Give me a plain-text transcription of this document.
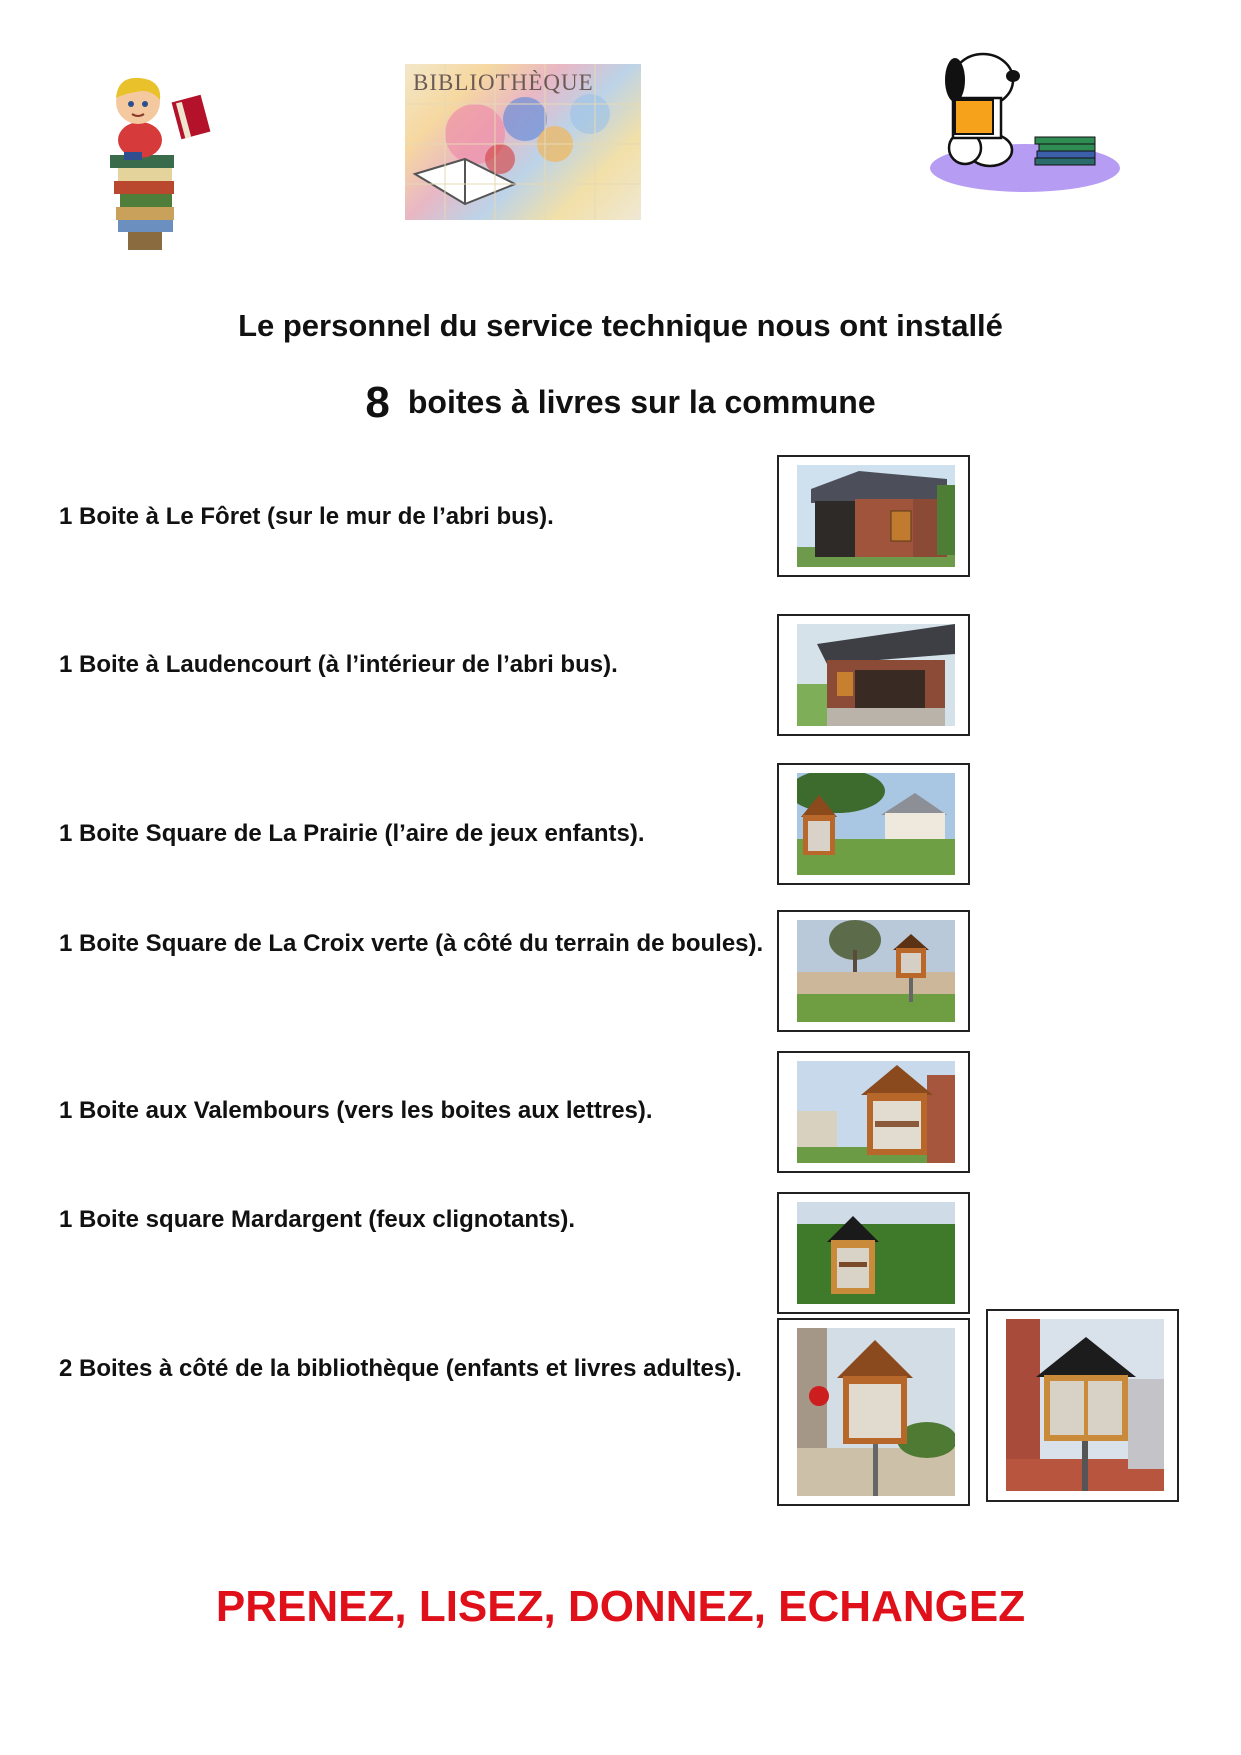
BIBLIOTHÈQUE
Le personnel du service technique nous ont installé
8 boites à livres sur la commune
1 Boite à Le Fôret (sur le mur de l’abri bus).
1 Boite à Laudencourt (à l’intérieur de l’abri bus).
1 Boite Square de La Prairie (l’aire de jeux enfants).
1 Boite Square de La Croix verte (à côté du terrain de boules).
1 Boite aux Valembours (vers les boites aux lettres).
1 Boite square Mardargent (feux clignotants).
2 Boites à côté de la bibliothèque (enfants et livres adultes).
PRENEZ, LISEZ, DONNEZ, ECHANGEZ
